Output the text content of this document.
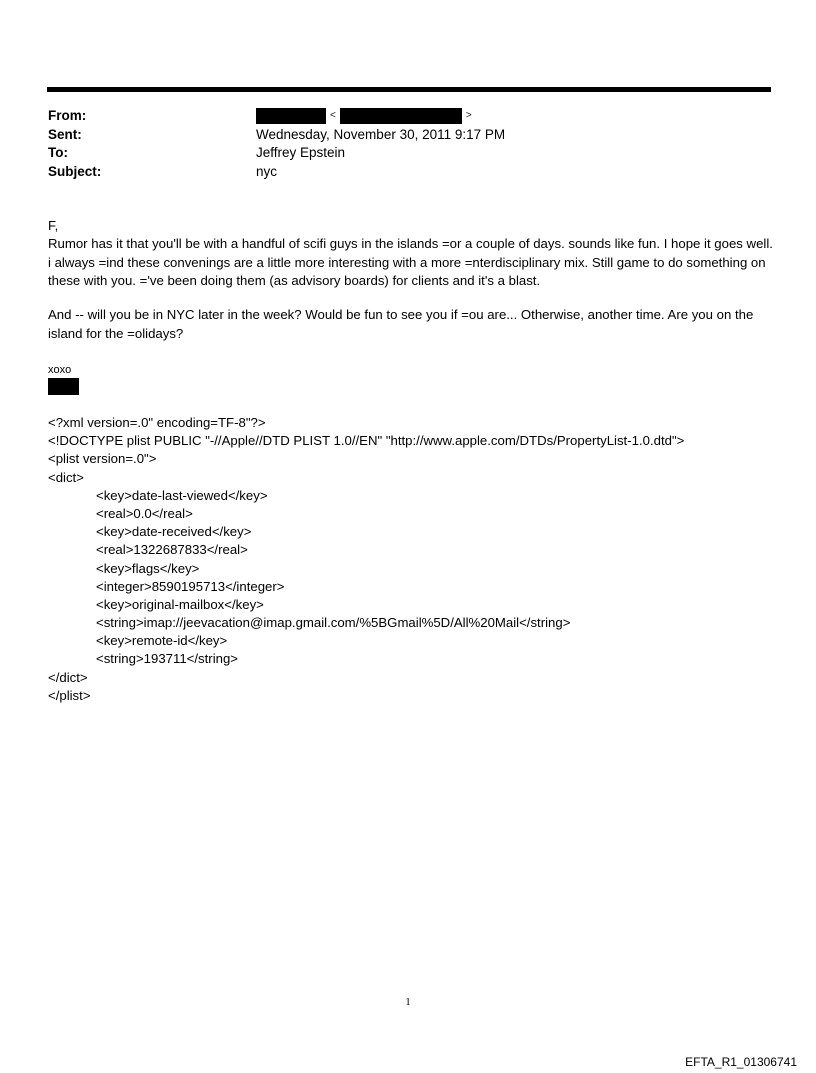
From:	<	>
Sent:	Wednesday, November 30, 2011 9:17 PM
To:	Jeffrey Epstein
Subject:	nyc

F,

Rumor has it that you'll be with a handful of scifi guys in the islands =or a couple of days. sounds like fun. I hope it goes well. i always =ind these convenings are a little more interesting with a more =nterdisciplinary mix. Still game to do something on these with you. ='ve been doing them (as advisory boards) for clients and it's a blast.

And -- will you be in NYC later in the week? Would be fun to see you if =ou are... Otherwise, another time. Are you on the island for the =olidays?

xoxo

<?xml version=.0" encoding=TF-8"?>
<!DOCTYPE plist PUBLIC "-//Apple//DTD PLIST 1.0//EN" "http://www.apple.com/DTDs/PropertyList-1.0.dtd">
<plist version=.0">
<dict>
<key>date-last-viewed</key>
<real>0.0</real>
<key>date-received</key>
<real>1322687833</real>
<key>flags</key>
<integer>8590195713</integer>
<key>original-mailbox</key>
<string>imap://jeevacation@imap.gmail.com/%5BGmail%5D/All%20Mail</string>
<key>remote-id</key>
<string>193711</string>
</dict>
</plist>
1
EFTA_R1_01306741
